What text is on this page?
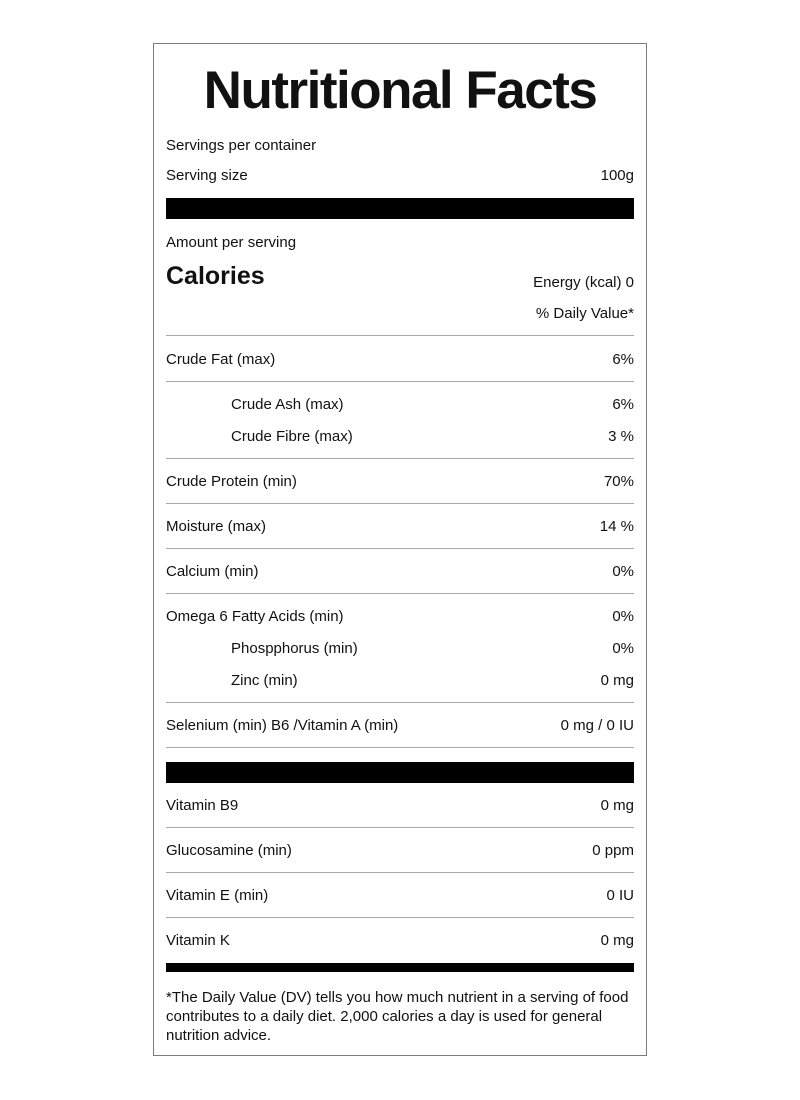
Nutritional Facts
Servings per container
Serving size	100g
Amount per serving
Calories	Energy (kcal) 0
% Daily Value*
Crude Fat (max)	6%
Crude Ash (max)	6%
Crude Fibre (max)	3 %
Crude Protein (min)	70%
Moisture (max)	14 %
Calcium (min)	0%
Omega 6 Fatty Acids (min)	0%
Phospphorus (min)	0%
Zinc (min)	0 mg
Selenium (min) B6 /Vitamin A (min)	0 mg / 0 IU
Vitamin B9	0 mg
Glucosamine (min)	0 ppm
Vitamin E (min)	0 IU
Vitamin K	0 mg
*The Daily Value (DV) tells you how much nutrient in a serving of food contributes to a daily diet. 2,000 calories a day is used for general nutrition advice.
